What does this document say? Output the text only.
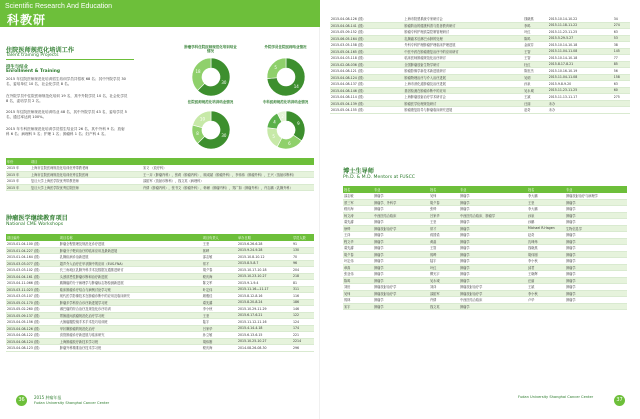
Scientific Research And Education
科教研
住院医师规范化培训工作
Talent training Projects
招生与结业
Enrollment & Training
2015 年住院医师规范化培训招生培训学员共招收 68 名；其中外院学员 30 名，委培单位 10 名，社会化学员 8 名。
在外院学员中住院医师规范化培训 19 名，其中外院学员 10 名，社会化学员 8 名，委培学员 2 名。
2015 年住院医师规范化培训结业 48 名，其中外院学员 43 名，委培学员 5 名，通过率达到 100%。
2015 年专科医师规范化培训学员招生结业共 26 名，其中外科 9 名；放射科 6 名；病理科 5 名；护理 1 名；肿瘤科 1 名；妇产科 4 名。
肿瘤学科住院医师规范化培训结业情况
30
18
外院学员住院医师结业情况
14
5
住院医师规范化培训结业情况
30
8
10
专科医师规范化培训结业情况
9
6
5
4
2
年份	项目	
2015 年	上海市住院医师规范化培训优秀带教老师	宋义 （放疗科）
2015 年	上海市住院医师规范化培训优秀住院医师	王一卉（肿瘤内科），张莉（肿瘤内科），顾成斌（肿瘤外科），李伟伟（肿瘤外科），王兴（放射诊断科）
2015 年	复旦大学上海医学院优秀带教老师	邵振军（放射诊断科），钱文英（病理科）
2015 年	复旦大学上海医学院优秀住院医师	许倩（肿瘤内科），张书文（肿瘤外科），韩雁（肿瘤内科），郑广如（肿瘤外科），许志鹏（乳腺外科）
肿瘤医学继续教育项目
National CME Workshops
项目编号	项目名称	项目负责人	举办日期	学员人数
2015-01-04-100 (国)	肿瘤全程管理及规范化诊疗进展	王坚	2015.6.26-6.28	91
2015-01-04-227 (国)	肿瘤分子靶向治疗的临床应用及最新进展	郭晔	2015.9.24-9.28	130
2015-01-04-164 (国)	乳腺疾病诊治新进展	邵志敏	2015.10.8-10.12	70
2015-03-03-077 (国)	超声介入治疗在甲状腺中的应用（EUS-FNA）	常才	2015.8.5-8.7	96
2015-03-03-102 (国)	长三角地区乳腺外科手术及数据互通推进研讨	胡夕春	2015.10.17-10.18	204
2015-04-04-161 (国)	头颈部恶性肿瘤诊断和治疗新进展	嵇庆海	2015.10.23-10.27	218
2015-04-11-066 (国)	胰腺癌的分子病理学与肿瘤标志物检测新进展	陈文军	2015.9.1-9.4	81
2015-03-11-023 (国)	临床肿瘤诊疗结合与病例讨论学习班	叶定伟	2015.11.16—11.17	311
2015-03-03-107 (国)	现代医学影像技术在肿瘤诊断中的应用及临床研究	顾雅佳	2015.8.12-8.16	116
2015-05-01-170 (国)	肿瘤多学科综合诊疗新进展学习班	虞先濬	2015.8.20-8.24	186
2015-05-02-260 (国)	淋巴瘤的综合治疗及规范化诊疗培训	李小秋	2015.10.29-11.29	146
2015-05-09-137 (国)	胃肠道间质瘤规范化治疗学习班	王坚	2015.6.17-6.21	122
2015-04-05-156 (国)	大肠癌腹腔镜手术手术技巧培训班	陆宇	2015.11.12-11.16	124
2015-04-08-126 (国)	甲状腺肿瘤的规范化治疗	吕家华	2015.4.14-4.18	174
2015-04-08-122 (国)	食管肿瘤诊疗新进展与临床研究	孙立敏	2015.6.13-6.15	221
2015-04-08-124 (国)	上海肿瘤放疗新技术学习班	胡伟刚	2015.10.25-10.27	2214
2015-04-08-123 (国)	肿瘤外科精准治疗技术学习班	嵇庆海	2014.08.26-08.30	296
2015-04-08-126 (国)	上海市院感系统专家研讨会	钱晓燕	2015.10.14-10.22	34
2015-04-08-141 (国)	肿瘤防治的健康科普与患者教育研讨	李鸣	2015.11.18-11.22	274
2015-05-09-152 (国)	肿瘤专科护理质量控制管理研讨	叶红	2015.11.23-11.25	63
2015-06-05-164 (国)	乳腺癌术后淋巴水肿的处理	陈鸣	2015.5.29-5.27	53
2015-03-05-158 (国)	外科专科护理肿瘤护理临床护理进展	金淑芬	2015.10.14-10.18	38
2015-05-04-165 (国)	中医中药在肿瘤康复治疗中的应用研讨	王智	2015.11.04-11.08	145
2015-04-03-118 (国)	临床医师肿瘤规范化治疗研讨	王智	2015.10.14-10.18	77
2015-02-08-036 (国)	全国肿瘤放射生物学研讨	杜红	2015.8.17-8.21	85
2015-04-08-121 (国)	肿瘤影像学新技术新进展研讨	陈世杰	2015.10.16-10.19	56
2015-04-08-124 (国)	肿瘤物理治疗与介入治疗进展	吴炳	2015.11.04-11.08	158
2015-04-08-137 (国)	上海市消化道肿瘤及治疗进展	孙泉	2015.9.8-9.20	63
2015-04-08-146 (国)	基因检测在肿瘤诊断中的应用	吴永城	2015.11.23-11.25	60
2015-04-08-114 (国)	上海肿瘤放射治疗学术研讨会	王斌	2015.11.13-11.17	275
2015-05-04-139 (国)	肿瘤医学伦理规范研讨	汪丽	未办	
2015-05-04-155 (国)	肿瘤康复指导与肿瘤临床研究进展	赵奇	未办	
博士生导师
Ph.D. & M.D. Mentors at FUSCC
姓名	专业	姓名	专业	姓名	专业
邵志敏	肿瘤学	吴炜	肿瘤学	李大鹏	肿瘤放射治疗与病理学
蔡三军	肿瘤学、外科学	胡夕春	肿瘤学	王坚	肿瘤学
嵇庆海	肿瘤学	张烨	肿瘤学	李大鹏	肿瘤学
杨文涛	中西医结合临床	吕家华	中西医结合临床、肿瘤学	孙泉	肿瘤学
虞先濬	肿瘤学	王坚	肿瘤学	孙鹏	肿瘤学
徐烨	肿瘤放射治疗学	常才	肿瘤学	Michael R.Hagen	生物信息学
王泽	肿瘤学	蒋国梁	肿瘤学	赵奇	肿瘤学
程文华	肿瘤学	黄晶	肿瘤学	沈坤炜	肿瘤学
虞先濬	肿瘤学	王智	肿瘤学	钱晓燕	肿瘤学
胡夕春	肿瘤学	郭晔	肿瘤学	胡伟刚	肿瘤学
叶定伟	肿瘤学	陆宇	肿瘤学	李小秋	肿瘤学
章真	肿瘤学	叶红	肿瘤学	邱君	肿瘤学
张亚伟	肿瘤学	柳光宇	肿瘤学	王晓辉	肿瘤学
陈鸣	肿瘤学	吴永城	肿瘤学	汪丽	肿瘤学
刘世	肿瘤放射治疗学	刘泽	肿瘤放射治疗学	王斌	肿瘤学
吴炜	肿瘤放射治疗学	邵振军	肿瘤放射治疗学	李小秋	肿瘤学
郭林	肿瘤学	许倩	中西医结合临床	卢华	肿瘤学
宋宇	肿瘤学	钱文英	肿瘤学		
36	2015 肿瘤年报
Fudan University Shanghai Cancer Center
Fudan University Shanghai Cancer Center	37
